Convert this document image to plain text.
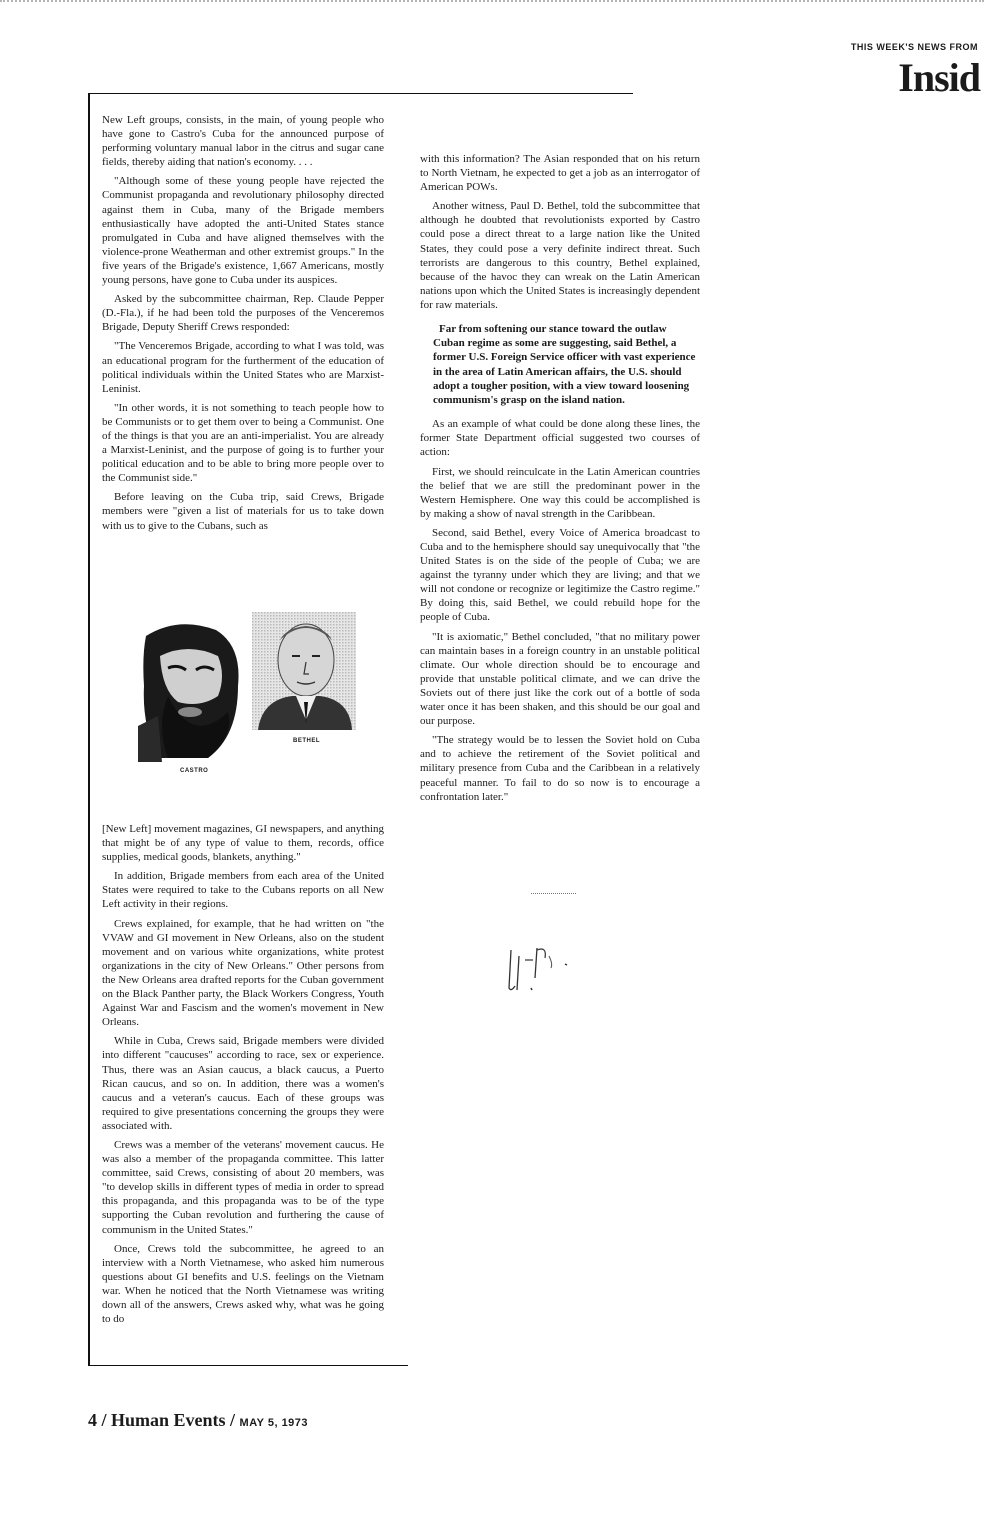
THIS WEEK'S NEWS FROM
Insid

New Left groups, consists, in the main, of young people who have gone to Castro's Cuba for the announced purpose of performing voluntary manual labor in the citrus and sugar cane fields, thereby aiding that nation's economy. . . .

"Although some of these young people have rejected the Communist propaganda and revolutionary philosophy directed against them in Cuba, many of the Brigade members enthusiastically have adopted the anti-United States stance promulgated in Cuba and have aligned themselves with the violence-prone Weatherman and other extremist groups." In the five years of the Brigade's existence, 1,667 Americans, mostly young persons, have gone to Cuba under its auspices.

Asked by the subcommittee chairman, Rep. Claude Pepper (D.-Fla.), if he had been told the purposes of the Venceremos Brigade, Deputy Sheriff Crews responded:

"The Venceremos Brigade, according to what I was told, was an educational program for the furtherment of the education of political individuals within the United States who are Marxist-Leninist.

"In other words, it is not something to teach people how to be Communists or to get them over to being a Communist. One of the things is that you are an anti-imperialist. You are already a Marxist-Leninist, and the purpose of going is to further your political education and to be able to bring more people over to the Communist side."

Before leaving on the Cuba trip, said Crews, Brigade members were "given a list of materials for us to take down with us to give to the Cubans, such as

BETHEL
CASTRO

[New Left] movement magazines, GI newspapers, and anything that might be of any type of value to them, records, office supplies, medical goods, blankets, anything."

In addition, Brigade members from each area of the United States were required to take to the Cubans reports on all New Left activity in their regions.

Crews explained, for example, that he had written on "the VVAW and GI movement in New Orleans, also on the student movement and on various white organizations, white protest organizations in the city of New Orleans." Other persons from the New Orleans area drafted reports for the Cuban government on the Black Panther party, the Black Workers Congress, Youth Against War and Fascism and the women's movement in New Orleans.

While in Cuba, Crews said, Brigade members were divided into different "caucuses" according to race, sex or experience. Thus, there was an Asian caucus, a black caucus, a Puerto Rican caucus, and so on. In addition, there was a women's caucus and a veteran's caucus. Each of these groups was required to give presentations concerning the groups they were associated with.

Crews was a member of the veterans' movement caucus. He was also a member of the propaganda committee. This latter committee, said Crews, consisting of about 20 members, was "to develop skills in different types of media in order to spread this propaganda, and this propaganda was to be of the type supporting the Cuban revolution and furthering the cause of communism in the United States."

Once, Crews told the subcommittee, he agreed to an interview with a North Vietnamese, who asked him numerous questions about GI benefits and U.S. feelings on the Vietnam war. When he noticed that the North Vietnamese was writing down all of the answers, Crews asked why, what was he going to do

with this information? The Asian responded that on his return to North Vietnam, he expected to get a job as an interrogator of American POWs.

Another witness, Paul D. Bethel, told the subcommittee that although he doubted that revolutionists exported by Castro could pose a direct threat to a large nation like the United States, they could pose a very definite indirect threat. Such terrorists are dangerous to this country, Bethel explained, because of the havoc they can wreak on the Latin American nations upon which the United States is increasingly dependent for raw materials.

Far from softening our stance toward the outlaw Cuban regime as some are suggesting, said Bethel, a former U.S. Foreign Service officer with vast experience in the area of Latin American affairs, the U.S. should adopt a tougher position, with a view toward loosening communism's grasp on the island nation.

As an example of what could be done along these lines, the former State Department official suggested two courses of action:

First, we should reinculcate in the Latin American countries the belief that we are still the predominant power in the Western Hemisphere. One way this could be accomplished is by making a show of naval strength in the Caribbean.

Second, said Bethel, every Voice of America broadcast to Cuba and to the hemisphere should say unequivocally that "the United States is on the side of the people of Cuba; we are against the tyranny under which they are living; and that we will not condone or recognize or legitimize the Castro regime." By doing this, said Bethel, we could rebuild hope for the people of Cuba.

"It is axiomatic," Bethel concluded, "that no military power can maintain bases in a foreign country in an unstable political climate. Our whole direction should be to encourage and provide that unstable political climate, and we can drive the Soviets out of there just like the cork out of a bottle of soda water once it has been shaken, and this should be our goal and our purpose.

"The strategy would be to lessen the Soviet hold on Cuba and to achieve the retirement of the Soviet political and military presence from Cuba and the Caribbean in a relatively peaceful manner. To fail to do so now is to encourage a confrontation later."

4 / Human Events / MAY 5, 1973
